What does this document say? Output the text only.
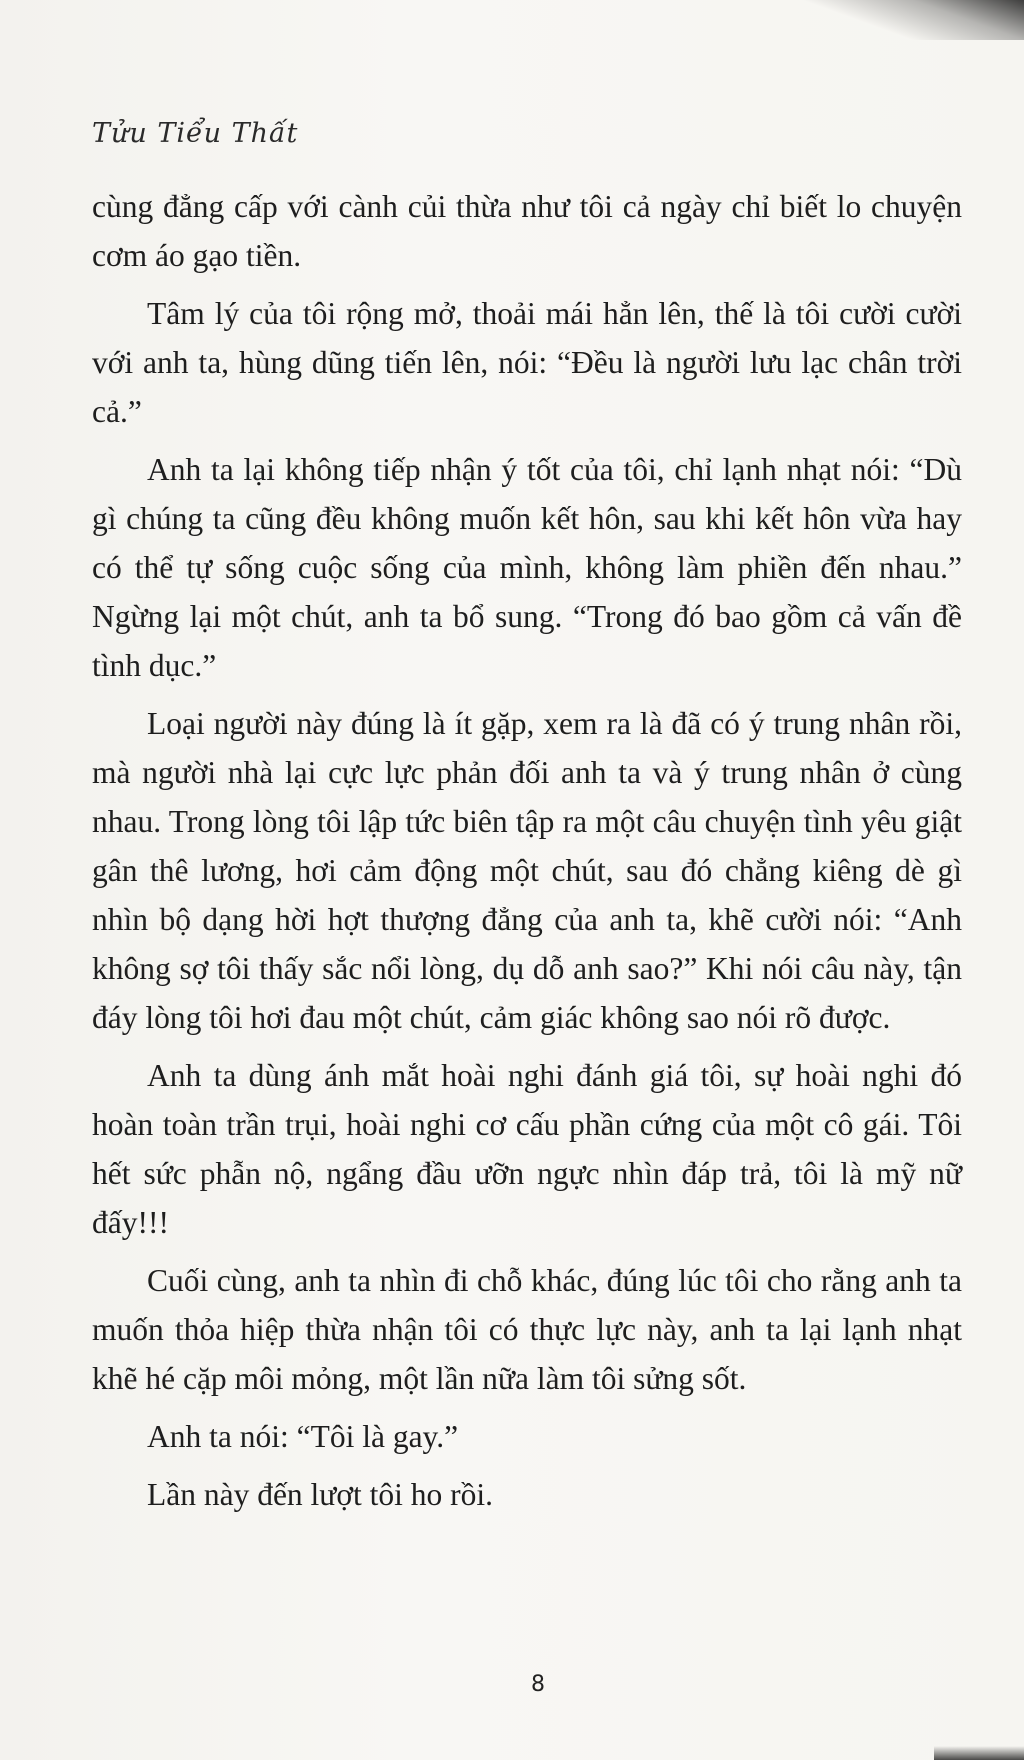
Tửu Tiểu Thất

cùng đẳng cấp với cành củi thừa như tôi cả ngày chỉ biết lo chuyện cơm áo gạo tiền.

Tâm lý của tôi rộng mở, thoải mái hẳn lên, thế là tôi cười cười với anh ta, hùng dũng tiến lên, nói: “Đều là người lưu lạc chân trời cả.”

Anh ta lại không tiếp nhận ý tốt của tôi, chỉ lạnh nhạt nói: “Dù gì chúng ta cũng đều không muốn kết hôn, sau khi kết hôn vừa hay có thể tự sống cuộc sống của mình, không làm phiền đến nhau.” Ngừng lại một chút, anh ta bổ sung. “Trong đó bao gồm cả vấn đề tình dục.”

Loại người này đúng là ít gặp, xem ra là đã có ý trung nhân rồi, mà người nhà lại cực lực phản đối anh ta và ý trung nhân ở cùng nhau. Trong lòng tôi lập tức biên tập ra một câu chuyện tình yêu giật gân thê lương, hơi cảm động một chút, sau đó chẳng kiêng dè gì nhìn bộ dạng hời hợt thượng đẳng của anh ta, khẽ cười nói: “Anh không sợ tôi thấy sắc nổi lòng, dụ dỗ anh sao?” Khi nói câu này, tận đáy lòng tôi hơi đau một chút, cảm giác không sao nói rõ được.

Anh ta dùng ánh mắt hoài nghi đánh giá tôi, sự hoài nghi đó hoàn toàn trần trụi, hoài nghi cơ cấu phần cứng của một cô gái. Tôi hết sức phẫn nộ, ngẩng đầu ưỡn ngực nhìn đáp trả, tôi là mỹ nữ đấy!!!

Cuối cùng, anh ta nhìn đi chỗ khác, đúng lúc tôi cho rằng anh ta muốn thỏa hiệp thừa nhận tôi có thực lực này, anh ta lại lạnh nhạt khẽ hé cặp môi mỏng, một lần nữa làm tôi sửng sốt.

Anh ta nói: “Tôi là gay.”

Lần này đến lượt tôi ho rồi.

8
